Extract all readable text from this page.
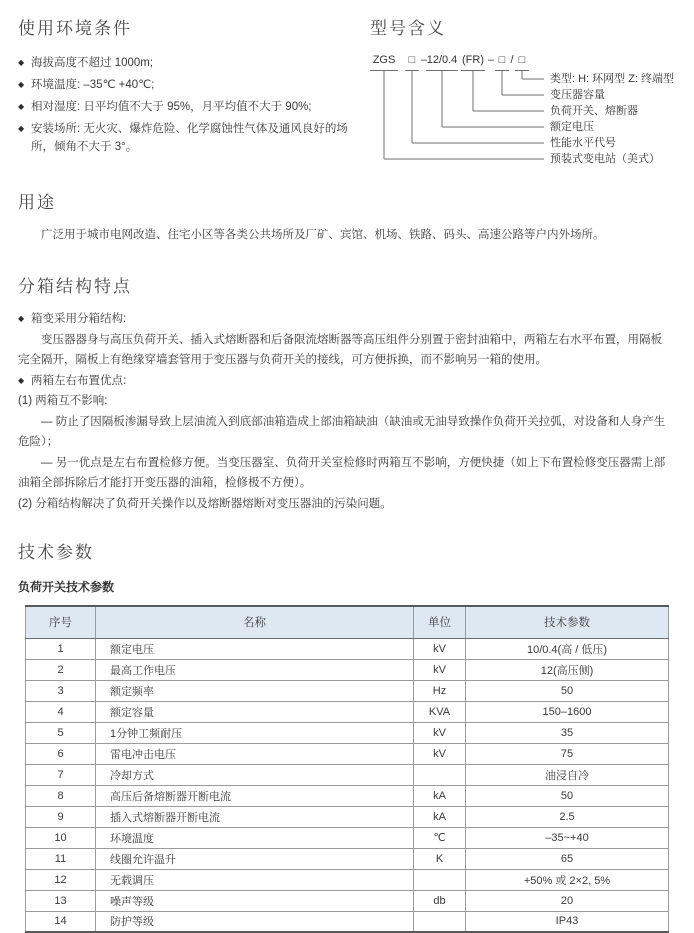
使用环境条件
◆ 海拔高度不超过 1000m;
◆ 环境温度: –35℃ +40℃;
◆ 相对湿度: 日平均值不大于 95%，月平均值不大于 90%;
◆ 安装场所: 无火灾、爆炸危险、化学腐蚀性气体及通风良好的场所，倾角不大于 3°。
型号含义
ZGS	□ – 12/0.4 (FR) – □ / □
类型: H: 环网型 Z: 终端型
变压器容量
负荷开关、熔断器
额定电压
性能水平代号
预装式变电站（美式）
用途

广泛用于城市电网改造、住宅小区等各类公共场所及厂矿、宾馆、机场、铁路、码头、高速公路等户内外场所。

分箱结构特点
◆ 箱变采用分箱结构:

变压器器身与高压负荷开关、插入式熔断器和后备限流熔断器等高压组件分别置于密封油箱中，两箱左右水平布置，用隔板完全隔开，隔板上有绝缘穿墙套管用于变压器与负荷开关的接线，可方便拆换，而不影响另一箱的使用。

◆ 两箱左右布置优点:
(1) 两箱互不影响:

— 防止了因隔板渗漏导致上层油流入到底部油箱造成上部油箱缺油（缺油或无油导致操作负荷开关拉弧，对设备和人身产生危险）；

— 另一优点是左右布置检修方便。当变压器室、负荷开关室检修时两箱互不影响，方便快捷（如上下布置检修变压器需上部油箱全部拆除后才能打开变压器的油箱，检修极不方便）。

(2) 分箱结构解决了负荷开关操作以及熔断器熔断对变压器油的污染问题。
技术参数
负荷开关技术参数
序号	名称	单位	技术参数
1	额定电压	kV	10/0.4(高 / 低压)
2	最高工作电压	kV	12(高压侧)
3	额定频率	Hz	50
4	额定容量	KVA	150–1600
5	1分钟工频耐压	kV	35
6	雷电冲击电压	kV	75
7	冷却方式		油浸自冷
8	高压后备熔断器开断电流	kA	50
9	插入式熔断器开断电流	kA	2.5
10	环境温度	℃	–35~+40
11	线圈允许温升	K	65
12	无载调压		+50% 或 2×2, 5%
13	噪声等级	db	20
14	防护等级		IP43
